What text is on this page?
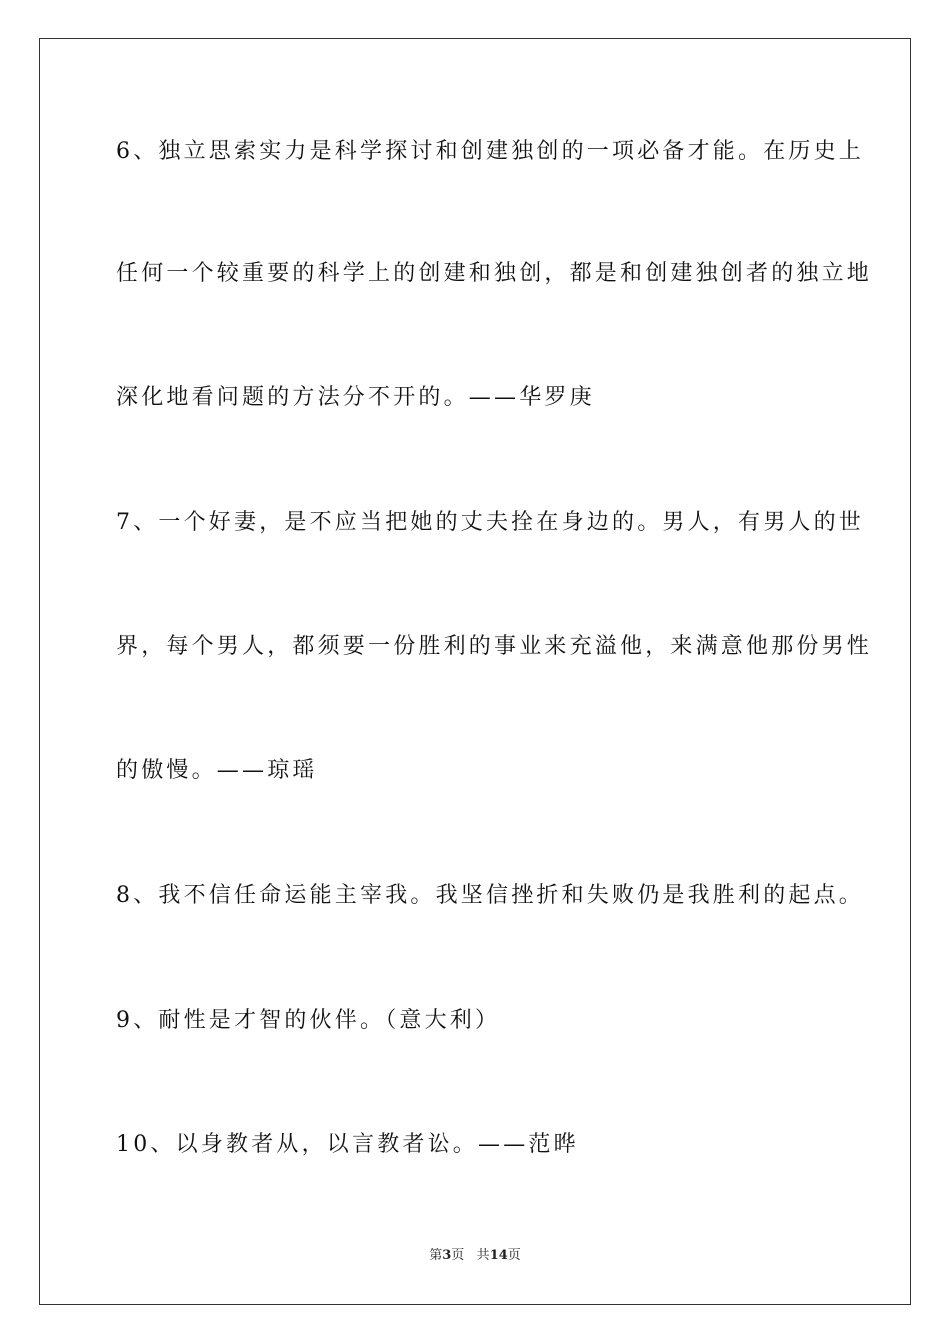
6、独立思索实力是科学探讨和创建独创的一项必备才能。在历史上
任何一个较重要的科学上的创建和独创，都是和创建独创者的独立地
深化地看问题的方法分不开的。——华罗庚
7、一个好妻，是不应当把她的丈夫拴在身边的。男人，有男人的世
界，每个男人，都须要一份胜利的事业来充溢他，来满意他那份男性
的傲慢。——琼瑶
8、我不信任命运能主宰我。我坚信挫折和失败仍是我胜利的起点。
9、耐性是才智的伙伴。（意大利）
10、以身教者从，以言教者讼。——范晔
第3页 共14页
